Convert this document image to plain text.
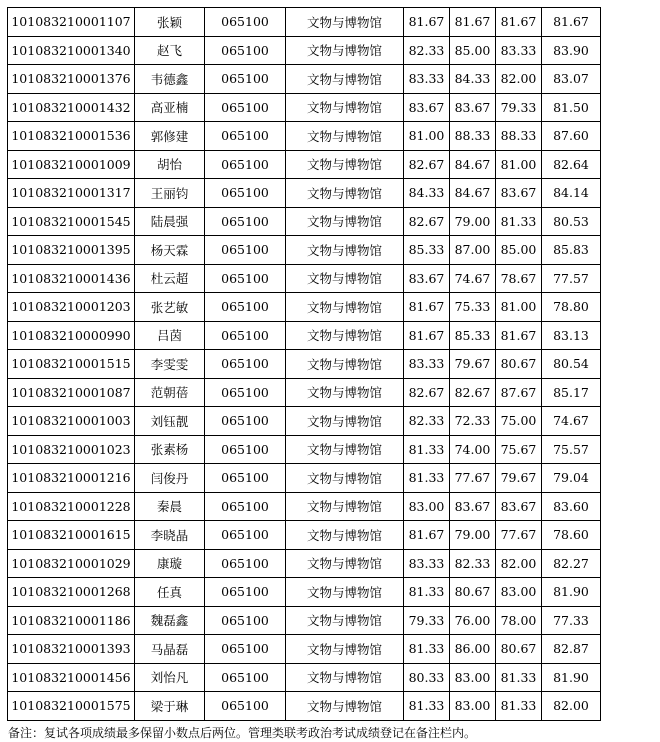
101083210001107	张颖	065100	文物与博物馆	81.67	81.67	81.67	81.67
101083210001340	赵飞	065100	文物与博物馆	82.33	85.00	83.33	83.90
101083210001376	韦德鑫	065100	文物与博物馆	83.33	84.33	82.00	83.07
101083210001432	高亚楠	065100	文物与博物馆	83.67	83.67	79.33	81.50
101083210001536	郭修建	065100	文物与博物馆	81.00	88.33	88.33	87.60
101083210001009	胡怡	065100	文物与博物馆	82.67	84.67	81.00	82.64
101083210001317	王丽钧	065100	文物与博物馆	84.33	84.67	83.67	84.14
101083210001545	陆晨强	065100	文物与博物馆	82.67	79.00	81.33	80.53
101083210001395	杨天霖	065100	文物与博物馆	85.33	87.00	85.00	85.83
101083210001436	杜云超	065100	文物与博物馆	83.67	74.67	78.67	77.57
101083210001203	张艺敏	065100	文物与博物馆	81.67	75.33	81.00	78.80
101083210000990	吕茵	065100	文物与博物馆	81.67	85.33	81.67	83.13
101083210001515	李雯雯	065100	文物与博物馆	83.33	79.67	80.67	80.54
101083210001087	范朝蓓	065100	文物与博物馆	82.67	82.67	87.67	85.17
101083210001003	刘钰靓	065100	文物与博物馆	82.33	72.33	75.00	74.67
101083210001023	张素杨	065100	文物与博物馆	81.33	74.00	75.67	75.57
101083210001216	闫俊丹	065100	文物与博物馆	81.33	77.67	79.67	79.04
101083210001228	秦晨	065100	文物与博物馆	83.00	83.67	83.67	83.60
101083210001615	李晓晶	065100	文物与博物馆	81.67	79.00	77.67	78.60
101083210001029	康璇	065100	文物与博物馆	83.33	82.33	82.00	82.27
101083210001268	任真	065100	文物与博物馆	81.33	80.67	83.00	81.90
101083210001186	魏磊鑫	065100	文物与博物馆	79.33	76.00	78.00	77.33
101083210001393	马晶磊	065100	文物与博物馆	81.33	86.00	80.67	82.87
101083210001456	刘怡凡	065100	文物与博物馆	80.33	83.00	81.33	81.90
101083210001575	梁于琳	065100	文物与博物馆	81.33	83.00	81.33	82.00
备注：复试各项成绩最多保留小数点后两位。管理类联考政治考试成绩登记在备注栏内。
